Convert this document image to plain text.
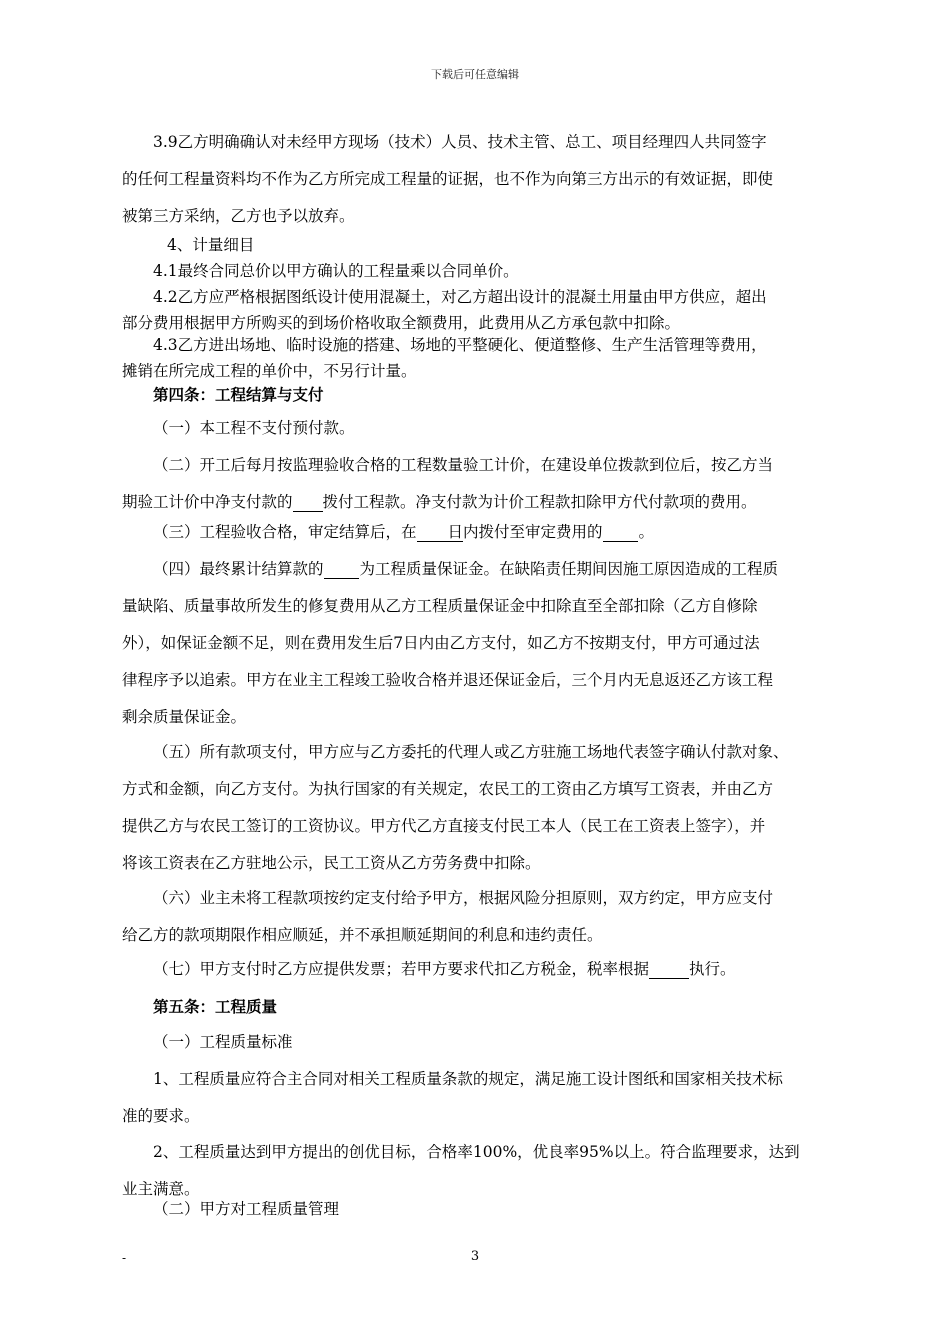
下载后可任意编辑
3.9乙方明确确认对未经甲方现场（技术）人员、技术主管、总工、项目经理四人共同签字
的任何工程量资料均不作为乙方所完成工程量的证据，也不作为向第三方出示的有效证据，即使
被第三方采纳，乙方也予以放弃。
4、计量细目
4.1最终合同总价以甲方确认的工程量乘以合同单价。
4.2乙方应严格根据图纸设计使用混凝土，对乙方超出设计的混凝土用量由甲方供应，超出
部分费用根据甲方所购买的到场价格收取全额费用，此费用从乙方承包款中扣除。
4.3乙方进出场地、临时设施的搭建、场地的平整硬化、便道整修、生产生活管理等费用，
摊销在所完成工程的单价中，不另行计量。
第四条：工程结算与支付
（一）本工程不支付预付款。
（二）开工后每月按监理验收合格的工程数量验工计价，在建设单位拨款到位后，按乙方当
期验工计价中净支付款的 拨付工程款。净支付款为计价工程款扣除甲方代付款项的费用。
（三）工程验收合格，审定结算后，在 日内拨付至审定费用的 。
（四）最终累计结算款的 为工程质量保证金。在缺陷责任期间因施工原因造成的工程质
量缺陷、质量事故所发生的修复费用从乙方工程质量保证金中扣除直至全部扣除（乙方自修除
外），如保证金额不足，则在费用发生后7日内由乙方支付，如乙方不按期支付，甲方可通过法
律程序予以追索。甲方在业主工程竣工验收合格并退还保证金后，三个月内无息返还乙方该工程
剩余质量保证金。
（五）所有款项支付，甲方应与乙方委托的代理人或乙方驻施工场地代表签字确认付款对象、
方式和金额，向乙方支付。为执行国家的有关规定，农民工的工资由乙方填写工资表，并由乙方
提供乙方与农民工签订的工资协议。甲方代乙方直接支付民工本人（民工在工资表上签字），并
将该工资表在乙方驻地公示，民工工资从乙方劳务费中扣除。
（六）业主未将工程款项按约定支付给予甲方，根据风险分担原则，双方约定，甲方应支付
给乙方的款项期限作相应顺延，并不承担顺延期间的利息和违约责任。
（七）甲方支付时乙方应提供发票；若甲方要求代扣乙方税金，税率根据	执行。
第五条：工程质量
（一）工程质量标准
1、工程质量应符合主合同对相关工程质量条款的规定，满足施工设计图纸和国家相关技术标
准的要求。
2、工程质量达到甲方提出的创优目标，合格率100%，优良率95%以上。符合监理要求，达到
业主满意。
（二）甲方对工程质量管理
-	3
